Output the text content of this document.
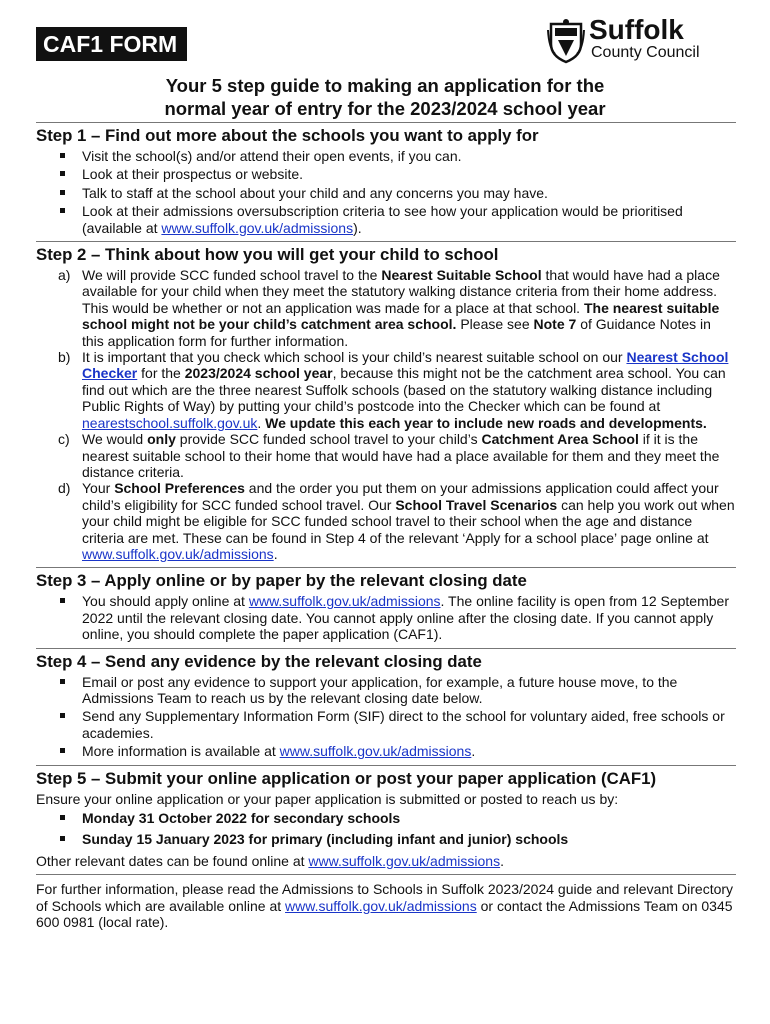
CAF1 FORM	Suffolk
County Council
Your 5 step guide to making an application for the
normal year of entry for the 2023/2024 school year
Step 1 – Find out more about the schools you want to apply for
Visit the school(s) and/or attend their open events, if you can.
Look at their prospectus or website.
Talk to staff at the school about your child and any concerns you may have.
Look at their admissions oversubscription criteria to see how your application would be prioritised (available at www.suffolk.gov.uk/admissions).
Step 2 – Think about how you will get your child to school
a) We will provide SCC funded school travel to the Nearest Suitable School that would have had a place available for your child when they meet the statutory walking distance criteria from their home address. This would be whether or not an application was made for a place at that school. The nearest suitable school might not be your child’s catchment area school. Please see Note 7 of Guidance Notes in this application form for further information.
b) It is important that you check which school is your child’s nearest suitable school on our Nearest School Checker for the 2023/2024 school year, because this might not be the catchment area school. You can find out which are the three nearest Suffolk schools (based on the statutory walking distance including Public Rights of Way) by putting your child’s postcode into the Checker which can be found at nearestschool.suffolk.gov.uk. We update this each year to include new roads and developments.
c) We would only provide SCC funded school travel to your child’s Catchment Area School if it is the nearest suitable school to their home that would have had a place available for them and they meet the distance criteria.
d) Your School Preferences and the order you put them on your admissions application could affect your child’s eligibility for SCC funded school travel. Our School Travel Scenarios can help you work out when your child might be eligible for SCC funded school travel to their school when the age and distance criteria are met. These can be found in Step 4 of the relevant ‘Apply for a school place’ page online at www.suffolk.gov.uk/admissions.
Step 3 – Apply online or by paper by the relevant closing date
You should apply online at www.suffolk.gov.uk/admissions. The online facility is open from 12 September 2022 until the relevant closing date. You cannot apply online after the closing date. If you cannot apply online, you should complete the paper application (CAF1).
Step 4 – Send any evidence by the relevant closing date
Email or post any evidence to support your application, for example, a future house move, to the Admissions Team to reach us by the relevant closing date below.
Send any Supplementary Information Form (SIF) direct to the school for voluntary aided, free schools or academies.
More information is available at www.suffolk.gov.uk/admissions.
Step 5 – Submit your online application or post your paper application (CAF1)

Ensure your online application or your paper application is submitted or posted to reach us by:

Monday 31 October 2022 for secondary schools
Sunday 15 January 2023 for primary (including infant and junior) schools

Other relevant dates can be found online at www.suffolk.gov.uk/admissions.

For further information, please read the Admissions to Schools in Suffolk 2023/2024 guide and relevant Directory of Schools which are available online at www.suffolk.gov.uk/admissions or contact the Admissions Team on 0345 600 0981 (local rate).
